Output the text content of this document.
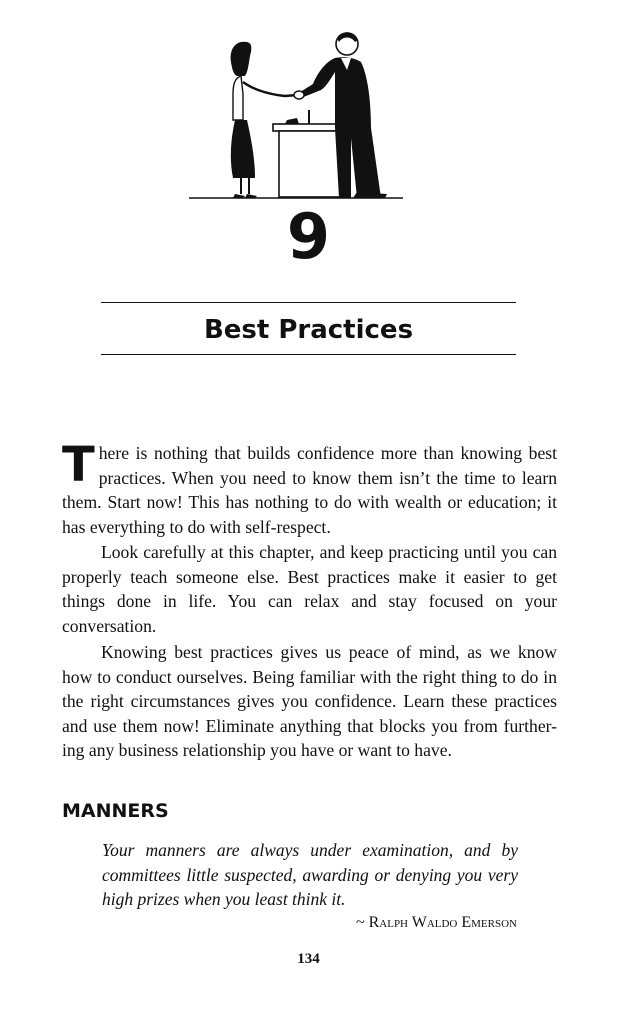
9
Best Practices

There is nothing that builds confidence more than knowing best practices. When you need to know them isn’t the time to learn them. Start now! This has nothing to do with wealth or education; it has everything to do with self-respect.

Look carefully at this chapter, and keep practicing until you can properly teach someone else. Best practices make it easier to get things done in life. You can relax and stay focused on your conversation.

Knowing best practices gives us peace of mind, as we know how to conduct ourselves. Being familiar with the right thing to do in the right circumstances gives you confidence. Learn these practices and use them now! Eliminate anything that blocks you from further-ing any business relationship you have or want to have.

MANNERS

Your manners are always under examination, and by committees little suspected, awarding or denying you very high prizes when you least think it.

~ Ralph Waldo Emerson
134
